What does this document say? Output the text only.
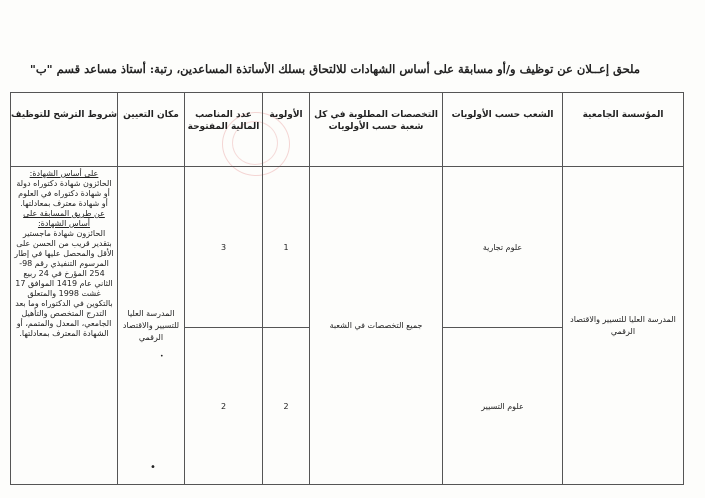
ملحق إعــلان عن توظيف و/أو مسابقة على أساس الشهادات للالتحاق بسلك الأساتذة المساعدين، رتبة: أستاذ مساعد قسم "ب"
المؤسسة الجامعية	الشعب حسب الأولويات	التخصصات المطلوبة في كل شعبة حسب الأولويات	الأولوية	عدد المناصب المالية المفتوحة	مكان التعيين	شروط الترشح للتوظيف
المدرسة العليا للتسيير والاقتصاد الرقمي	علوم تجارية	جميع التخصصات في الشعبة	1	3	المدرسة العليا للتسيير والاقتصاد الرقمي	على أساس الشهادة:

الحائزون شهادة دكتوراه دولة أو شهادة دكتوراه في العلوم أو شهادة معترف بمعادلتها.

عن طريق المسابقة على أساس الشهادة:

الحائزون شهادة ماجستير بتقدير قريب من الحسن على الأقل والمحصل عليها في إطار المرسوم التنفيذي رقم 98-254 المؤرخ في 24 ربيع الثاني عام 1419 الموافق 17 غشت 1998 والمتعلق بالتكوين في الدكتوراه وما بعد التدرج المتخصص والتأهيل الجامعي، المعدل والمتمم، أو الشهادة المعترف بمعادلتها.

	علوم التسيير		2	2		
•
•
